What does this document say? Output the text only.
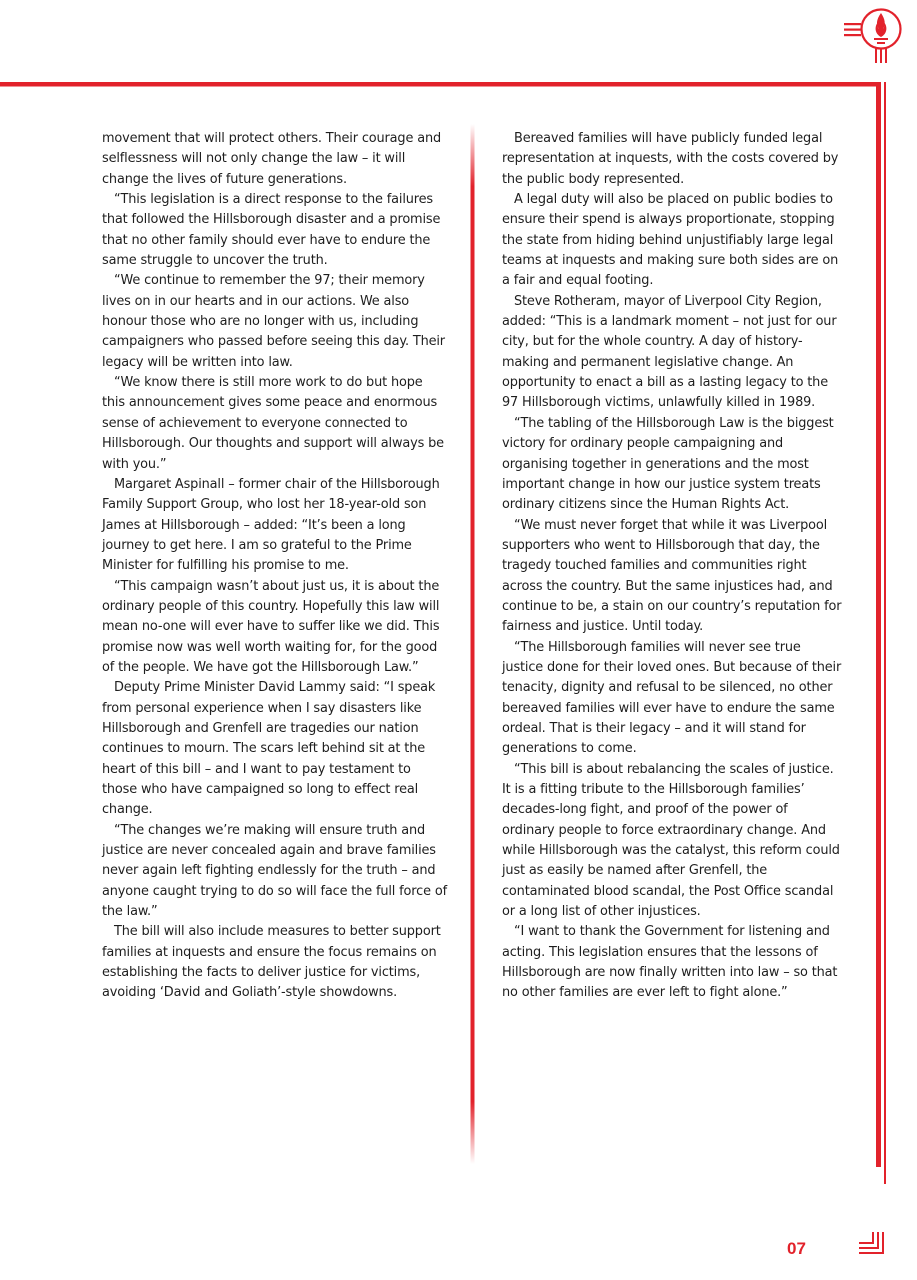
movement that will protect others. Their courage and selflessness will not only change the law – it will change the lives of future generations.

“This legislation is a direct response to the failures that followed the Hillsborough disaster and a promise that no other family should ever have to endure the same struggle to uncover the truth.

“We continue to remember the 97; their memory lives on in our hearts and in our actions. We also honour those who are no longer with us, including campaigners who passed before seeing this day. Their legacy will be written into law.

“We know there is still more work to do but hope this announcement gives some peace and enormous sense of achievement to everyone connected to Hillsborough. Our thoughts and support will always be with you.”

Margaret Aspinall – former chair of the Hillsborough Family Support Group, who lost her 18-year-old son James at Hillsborough – added: “It’s been a long journey to get here. I am so grateful to the Prime Minister for fulfilling his promise to me.

“This campaign wasn’t about just us, it is about the ordinary people of this country. Hopefully this law will mean no-one will ever have to suffer like we did. This promise now was well worth waiting for, for the good of the people. We have got the Hillsborough Law.”

Deputy Prime Minister David Lammy said: “I speak from personal experience when I say disasters like Hillsborough and Grenfell are tragedies our nation continues to mourn. The scars left behind sit at the heart of this bill – and I want to pay testament to those who have campaigned so long to effect real change.

“The changes we’re making will ensure truth and justice are never concealed again and brave families never again left fighting endlessly for the truth – and anyone caught trying to do so will face the full force of the law.”

The bill will also include measures to better support families at inquests and ensure the focus remains on establishing the facts to deliver justice for victims, avoiding ‘David and Goliath’-style showdowns.

Bereaved families will have publicly funded legal representation at inquests, with the costs covered by the public body represented.

A legal duty will also be placed on public bodies to ensure their spend is always proportionate, stopping the state from hiding behind unjustifiably large legal teams at inquests and making sure both sides are on a fair and equal footing.

Steve Rotheram, mayor of Liverpool City Region, added: “This is a landmark moment – not just for our city, but for the whole country. A day of history-making and permanent legislative change. An opportunity to enact a bill as a lasting legacy to the 97 Hillsborough victims, unlawfully killed in 1989.

“The tabling of the Hillsborough Law is the biggest victory for ordinary people campaigning and organising together in generations and the most important change in how our justice system treats ordinary citizens since the Human Rights Act.

“We must never forget that while it was Liverpool supporters who went to Hillsborough that day, the tragedy touched families and communities right across the country. But the same injustices had, and continue to be, a stain on our country’s reputation for fairness and justice. Until today.

“The Hillsborough families will never see true justice done for their loved ones. But because of their tenacity, dignity and refusal to be silenced, no other bereaved families will ever have to endure the same ordeal. That is their legacy – and it will stand for generations to come.

“This bill is about rebalancing the scales of justice. It is a fitting tribute to the Hillsborough families’ decades-long fight, and proof of the power of ordinary people to force extraordinary change. And while Hillsborough was the catalyst, this reform could just as easily be named after Grenfell, the contaminated blood scandal, the Post Office scandal or a long list of other injustices.

“I want to thank the Government for listening and acting. This legislation ensures that the lessons of Hillsborough are now finally written into law – so that no other families are ever left to fight alone.”

07
